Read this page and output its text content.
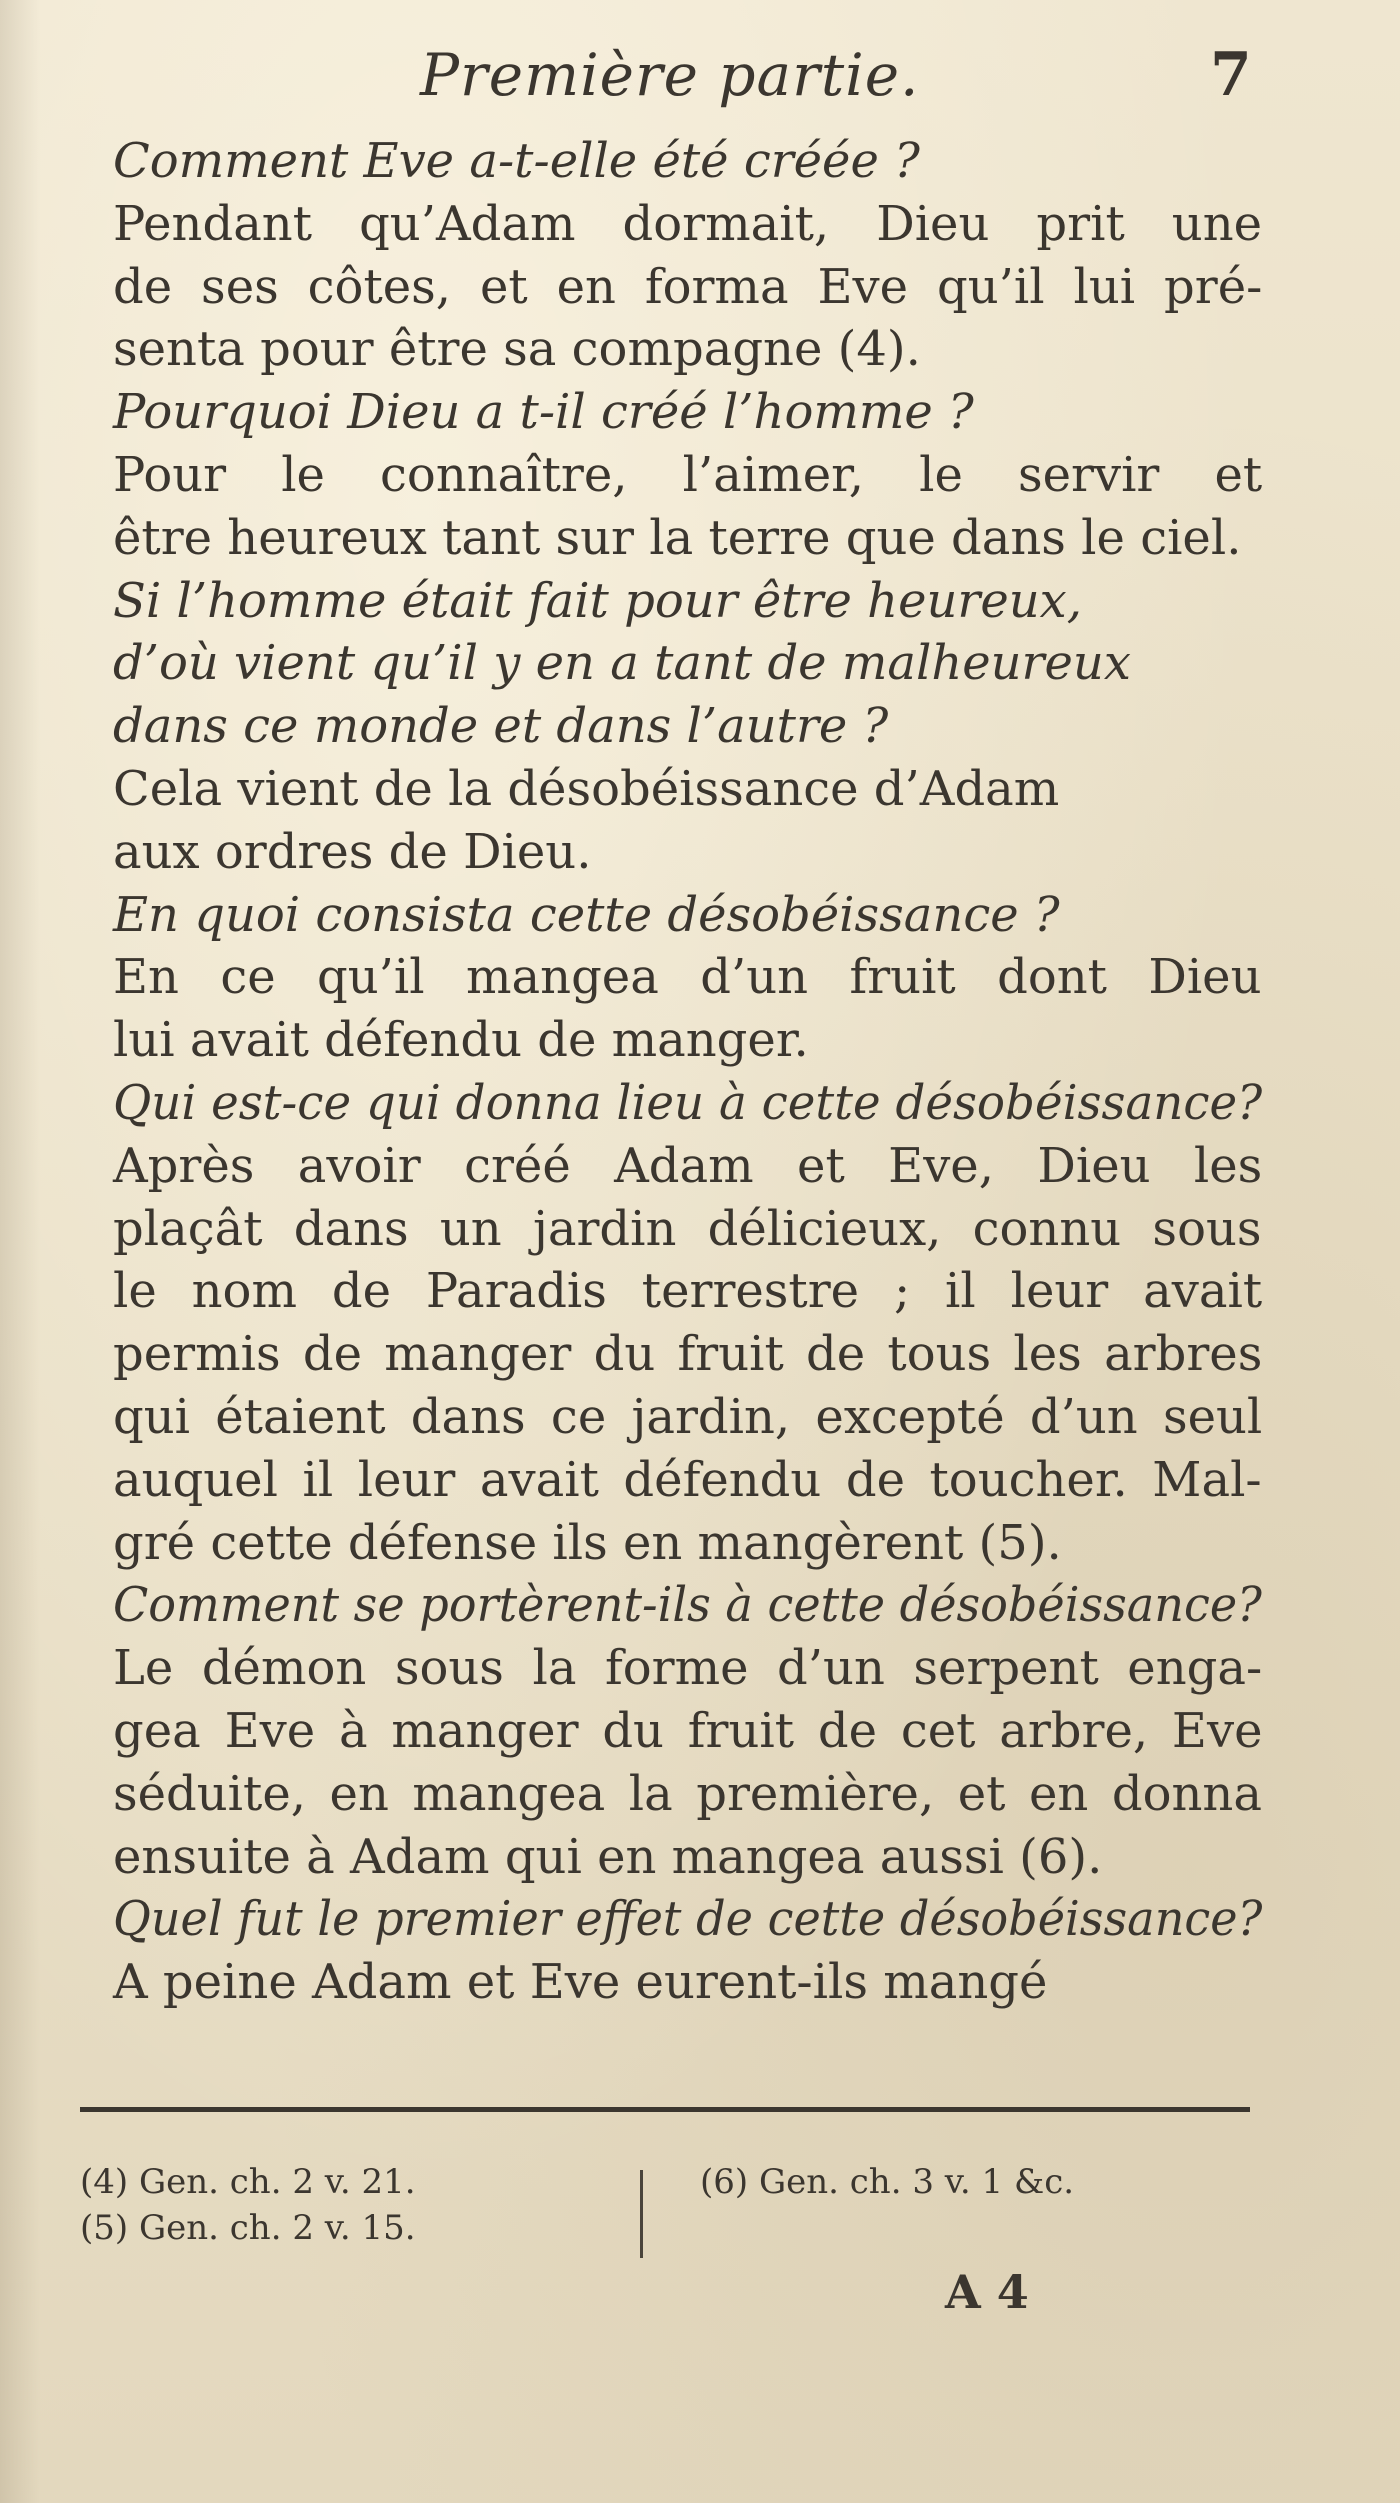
Première partie.	7
Comment Eve a-t-elle été créée ?
Pendant qu’Adam dormait, Dieu prit une
de ses côtes, et en forma Eve qu’il lui pré-
senta pour être sa compagne (4).
Pourquoi Dieu a t-il créé l’homme ?
Pour le connaître, l’aimer, le servir et
être heureux tant sur la terre que dans le ciel.
Si l’homme était fait pour être heureux,
d’où vient qu’il y en a tant de malheureux
dans ce monde et dans l’autre ?
Cela vient de la désobéissance d’Adam
aux ordres de Dieu.
En quoi consista cette désobéissance ?
En ce qu’il mangea d’un fruit dont Dieu
lui avait défendu de manger.
Qui est-ce qui donna lieu à cette désobéissance?
Après avoir créé Adam et Eve, Dieu les
plaçât dans un jardin délicieux, connu sous
le nom de Paradis terrestre ; il leur avait
permis de manger du fruit de tous les arbres
qui étaient dans ce jardin, excepté d’un seul
auquel il leur avait défendu de toucher. Mal-
gré cette défense ils en mangèrent (5).
Comment se portèrent-ils à cette désobéissance?
Le démon sous la forme d’un serpent enga-
gea Eve à manger du fruit de cet arbre, Eve
séduite, en mangea la première, et en donna
ensuite à Adam qui en mangea aussi (6).
Quel fut le premier effet de cette désobéissance?
A peine Adam et Eve eurent-ils mangé
(4) Gen. ch. 2 v. 21.
(5) Gen. ch. 2 v. 15.
(6) Gen. ch. 3 v. 1 &c.
A 4
